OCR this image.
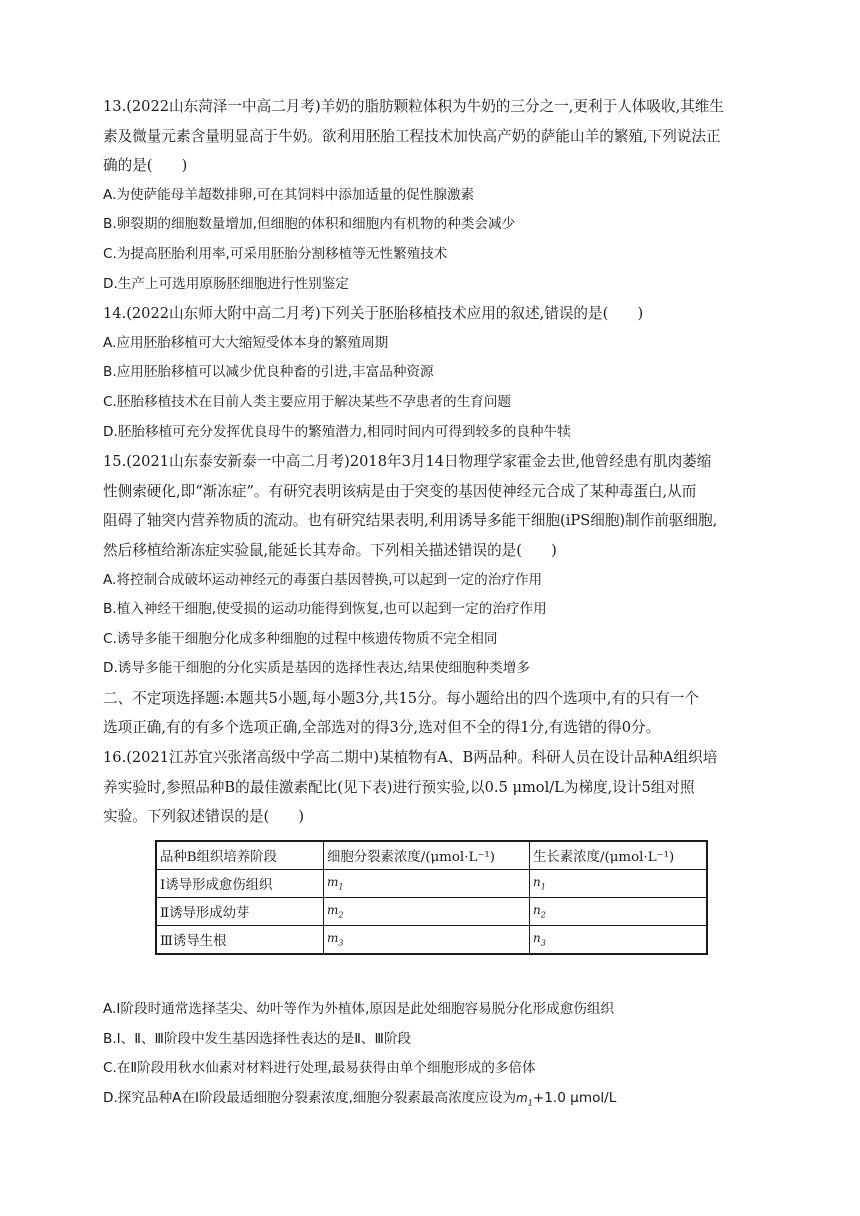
13.(2022山东菏泽一中高二月考)羊奶的脂肪颗粒体积为牛奶的三分之一,更利于人体吸收,其维生

素及微量元素含量明显高于牛奶。欲利用胚胎工程技术加快高产奶的萨能山羊的繁殖,下列说法正

确的是(　　)

A.为使萨能母羊超数排卵,可在其饲料中添加适量的促性腺激素

B.卵裂期的细胞数量增加,但细胞的体积和细胞内有机物的种类会减少

C.为提高胚胎利用率,可采用胚胎分割移植等无性繁殖技术

D.生产上可选用原肠胚细胞进行性别鉴定

14.(2022山东师大附中高二月考)下列关于胚胎移植技术应用的叙述,错误的是(　　)

A.应用胚胎移植可大大缩短受体本身的繁殖周期

B.应用胚胎移植可以减少优良种畜的引进,丰富品种资源

C.胚胎移植技术在目前人类主要应用于解决某些不孕患者的生育问题

D.胚胎移植可充分发挥优良母牛的繁殖潜力,相同时间内可得到较多的良种牛犊

15.(2021山东泰安新泰一中高二月考)2018年3月14日物理学家霍金去世,他曾经患有肌肉萎缩

性侧索硬化,即“渐冻症”。有研究表明该病是由于突变的基因使神经元合成了某种毒蛋白,从而

阻碍了轴突内营养物质的流动。也有研究结果表明,利用诱导多能干细胞(iPS细胞)制作前驱细胞,

然后移植给渐冻症实验鼠,能延长其寿命。下列相关描述错误的是(　　)

A.将控制合成破坏运动神经元的毒蛋白基因替换,可以起到一定的治疗作用

B.植入神经干细胞,使受损的运动功能得到恢复,也可以起到一定的治疗作用

C.诱导多能干细胞分化成多种细胞的过程中核遗传物质不完全相同

D.诱导多能干细胞的分化实质是基因的选择性表达,结果使细胞种类增多

二、不定项选择题:本题共5小题,每小题3分,共15分。每小题给出的四个选项中,有的只有一个

选项正确,有的有多个选项正确,全部选对的得3分,选对但不全的得1分,有选错的得0分。

16.(2021江苏宜兴张渚高级中学高二期中)某植物有A、B两品种。科研人员在设计品种A组织培

养实验时,参照品种B的最佳激素配比(见下表)进行预实验,以0.5 μmol/L为梯度,设计5组对照

实验。下列叙述错误的是(　　)

品种B组织培养阶段	细胞分裂素浓度/(μmol·L⁻¹)	生长素浓度/(μmol·L⁻¹)
Ⅰ诱导形成愈伤组织	$m_1$	$n_1$
Ⅱ诱导形成幼芽	$m_2$	$n_2$
Ⅲ诱导生根	$m_3$	$n_3$

A.Ⅰ阶段时通常选择茎尖、幼叶等作为外植体,原因是此处细胞容易脱分化形成愈伤组织

B.Ⅰ、Ⅱ、Ⅲ阶段中发生基因选择性表达的是Ⅱ、Ⅲ阶段

C.在Ⅱ阶段用秋水仙素对材料进行处理,最易获得由单个细胞形成的多倍体

D.探究品种A在Ⅰ阶段最适细胞分裂素浓度,细胞分裂素最高浓度应设为$m_1+1.0$ μmol/L
